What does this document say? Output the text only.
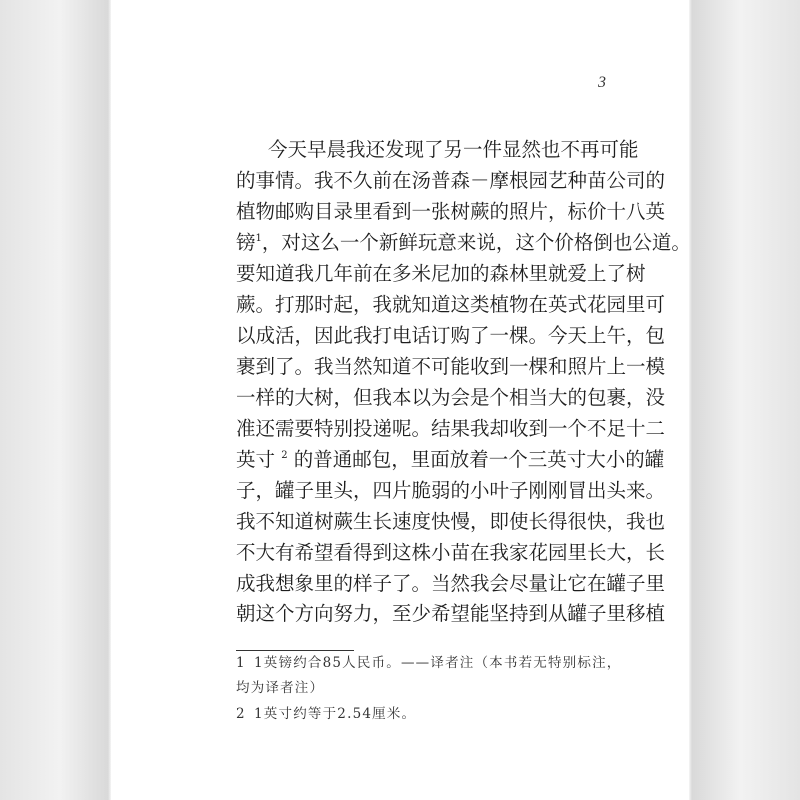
3
今天早晨我还发现了另一件显然也不再可能
的事情。我不久前在汤普森－摩根园艺种苗公司的
植物邮购目录里看到一张树蕨的照片，标价十八英
镑$^1$，对这么一个新鲜玩意来说，这个价格倒也公道。
要知道我几年前在多米尼加的森林里就爱上了树
蕨。打那时起，我就知道这类植物在英式花园里可
以成活，因此我打电话订购了一棵。今天上午，包
裹到了。我当然知道不可能收到一棵和照片上一模
一样的大树，但我本以为会是个相当大的包裹，没
准还需要特别投递呢。结果我却收到一个不足十二
英寸 $^2$ 的普通邮包，里面放着一个三英寸大小的罐
子，罐子里头，四片脆弱的小叶子刚刚冒出头来。
我不知道树蕨生长速度快慢，即使长得很快，我也
不大有希望看得到这株小苗在我家花园里长大，长
成我想象里的样子了。当然我会尽量让它在罐子里
朝这个方向努力，至少希望能坚持到从罐子里移植
1 1英镑约合85人民币。——译者注（本书若无特别标注，
均为译者注）
2 1英寸约等于2.54厘米。
